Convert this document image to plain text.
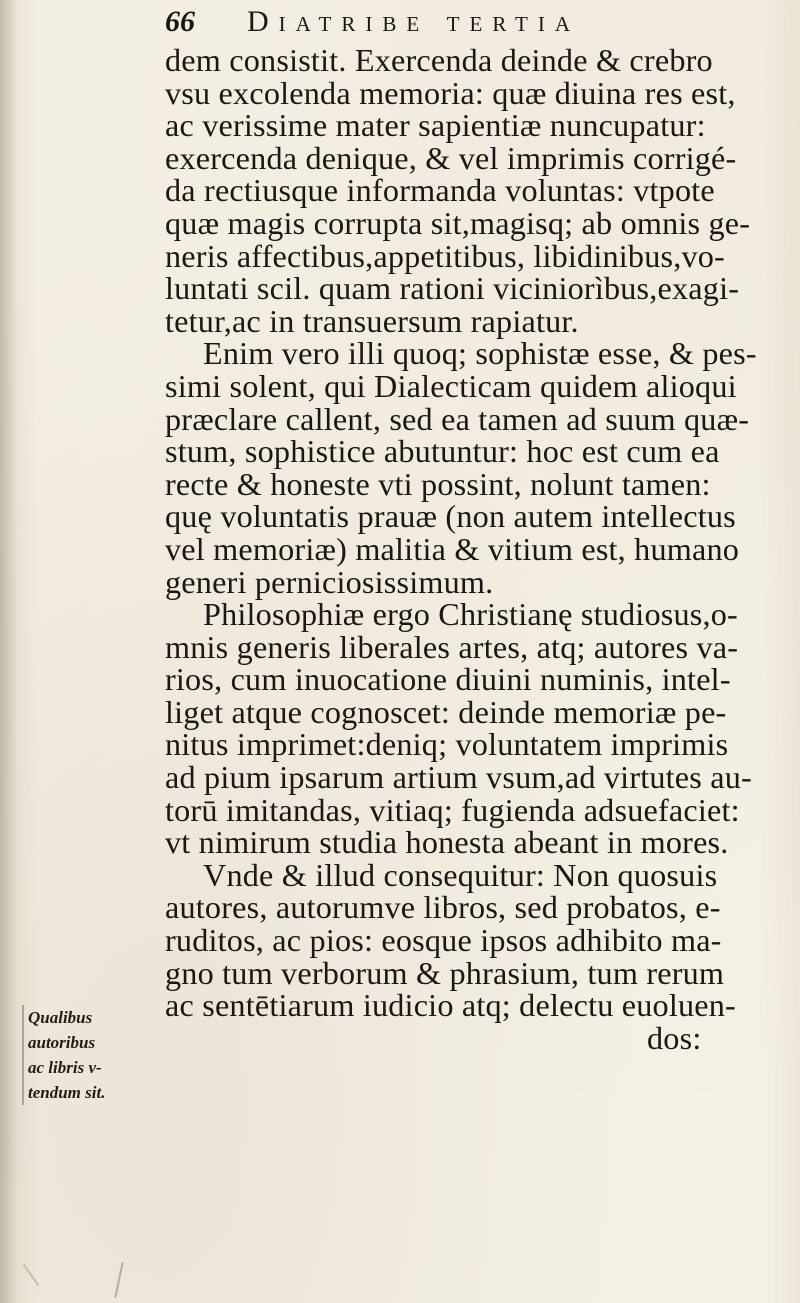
66 Diatribe tertia
dem consistit. Exercenda deinde & crebro
vsu excolenda memoria: quæ diuina res est,
ac verissime mater sapientiæ nuncupatur:
exercenda denique, & vel imprimis corrigé-
da rectiusque informanda voluntas: vtpote
quæ magis corrupta sit,magisq; ab omnis ge-
neris affectibus,appetitibus, libidinibus,vo-
luntati scil. quam rationi viciniorìbus,exagi-
tetur,ac in transuersum rapiatur.
Enim vero illi quoq; sophistæ esse, & pes-
simi solent, qui Dialecticam quidem alioqui
præclare callent, sed ea tamen ad suum quæ-
stum, sophistice abutuntur: hoc est cum ea
recte & honeste vti possint, nolunt tamen:
quę voluntatis prauæ (non autem intellectus
vel memoriæ) malitia & vitium est, humano
generi perniciosissimum.
Philosophiæ ergo Christianę studiosus,o-
mnis generis liberales artes, atq; autores va-
rios, cum inuocatione diuini numinis, intel-
liget atque cognoscet: deinde memoriæ pe-
nitus imprimet:deniq; voluntatem imprimis
ad pium ipsarum artium vsum,ad virtutes au-
torū imitandas, vitiaq; fugienda adsuefaciet:
vt nimirum studia honesta abeant in mores.
Vnde & illud consequitur: Non quosuis
autores, autorumve libros, sed probatos, e-
ruditos, ac pios: eosque ipsos adhibito ma-
gno tum verborum & phrasium, tum rerum
ac sentētiarum iudicio atq; delectu euoluen-
dos:
Qualibus
autoribus
ac libris v-
tendum sit.
